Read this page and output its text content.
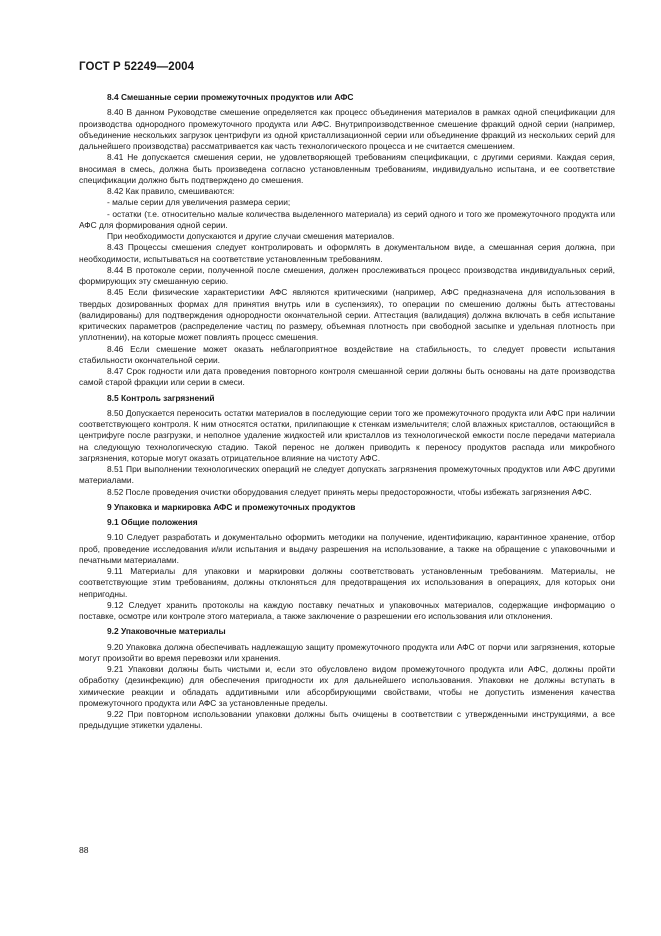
ГОСТ Р 52249—2004
8.4 Смешанные серии промежуточных продуктов или АФС

8.40 В данном Руководстве смешение определяется как процесс объединения материалов в рамках одной спецификации для производства однородного промежуточного продукта или АФС. Внутрипроизводственное смешение фракций одной серии (например, объединение нескольких загрузок центрифуги из одной кристаллизационной серии или объединение фракций из нескольких серий для дальнейшего производства) рассматривается как часть технологического процесса и не считается смешением.

8.41 Не допускается смешения серии, не удовлетворяющей требованиям спецификации, с другими сериями. Каждая серия, вносимая в смесь, должна быть произведена согласно установленным требованиям, индивидуально испытана, и ее соответствие спецификации должно быть подтверждено до смешения.

8.42 Как правило, смешиваются:

- малые серии для увеличения размера серии;

- остатки (т.е. относительно малые количества выделенного материала) из серий одного и того же промежуточного продукта или АФС для формирования одной серии.

При необходимости допускаются и другие случаи смешения материалов.

8.43 Процессы смешения следует контролировать и оформлять в документальном виде, а смешанная серия должна, при необходимости, испытываться на соответствие установленным требованиям.

8.44 В протоколе серии, полученной после смешения, должен прослеживаться процесс производства индивидуальных серий, формирующих эту смешанную серию.

8.45 Если физические характеристики АФС являются критическими (например, АФС предназначена для использования в твердых дозированных формах для принятия внутрь или в суспензиях), то операции по смешению должны быть аттестованы (валидированы) для подтверждения однородности окончательной серии. Аттестация (валидация) должна включать в себя испытание критических параметров (распределение частиц по размеру, объемная плотность при свободной засыпке и удельная плотность при уплотнении), на которые может повлиять процесс смешения.

8.46 Если смешение может оказать неблагоприятное воздействие на стабильность, то следует провести испытания стабильности окончательной серии.

8.47 Срок годности или дата проведения повторного контроля смешанной серии должны быть основаны на дате производства самой старой фракции или серии в смеси.

8.5 Контроль загрязнений

8.50 Допускается переносить остатки материалов в последующие серии того же промежуточного продукта или АФС при наличии соответствующего контроля. К ним относятся остатки, прилипающие к стенкам измельчителя; слой влажных кристаллов, остающийся в центрифуге после разгрузки, и неполное удаление жидкостей или кристаллов из технологической емкости после передачи материала на следующую технологическую стадию. Такой перенос не должен приводить к переносу продуктов распада или микробного загрязнения, которые могут оказать отрицательное влияние на чистоту АФС.

8.51 При выполнении технологических операций не следует допускать загрязнения промежуточных продуктов или АФС другими материалами.

8.52 После проведения очистки оборудования следует принять меры предосторожности, чтобы избежать загрязнения АФС.

9 Упаковка и маркировка АФС и промежуточных продуктов
9.1 Общие положения

9.10 Следует разработать и документально оформить методики на получение, идентификацию, карантинное хранение, отбор проб, проведение исследования и/или испытания и выдачу разрешения на использование, а также на обращение с упаковочными и печатными материалами.

9.11 Материалы для упаковки и маркировки должны соответствовать установленным требованиям. Материалы, не соответствующие этим требованиям, должны отклоняться для предотвращения их использования в операциях, для которых они непригодны.

9.12 Следует хранить протоколы на каждую поставку печатных и упаковочных материалов, содержащие информацию о поставке, осмотре или контроле этого материала, а также заключение о разрешении его использования или отклонения.

9.2 Упаковочные материалы

9.20 Упаковка должна обеспечивать надлежащую защиту промежуточного продукта или АФС от порчи или загрязнения, которые могут произойти во время перевозки или хранения.

9.21 Упаковки должны быть чистыми и, если это обусловлено видом промежуточного продукта или АФС, должны пройти обработку (дезинфекцию) для обеспечения пригодности их для дальнейшего использования. Упаковки не должны вступать в химические реакции и обладать аддитивными или абсорбирующими свойствами, чтобы не допустить изменения качества промежуточного продукта или АФС за установленные пределы.

9.22 При повторном использовании упаковки должны быть очищены в соответствии с утвержденными инструкциями, а все предыдущие этикетки удалены.

88
